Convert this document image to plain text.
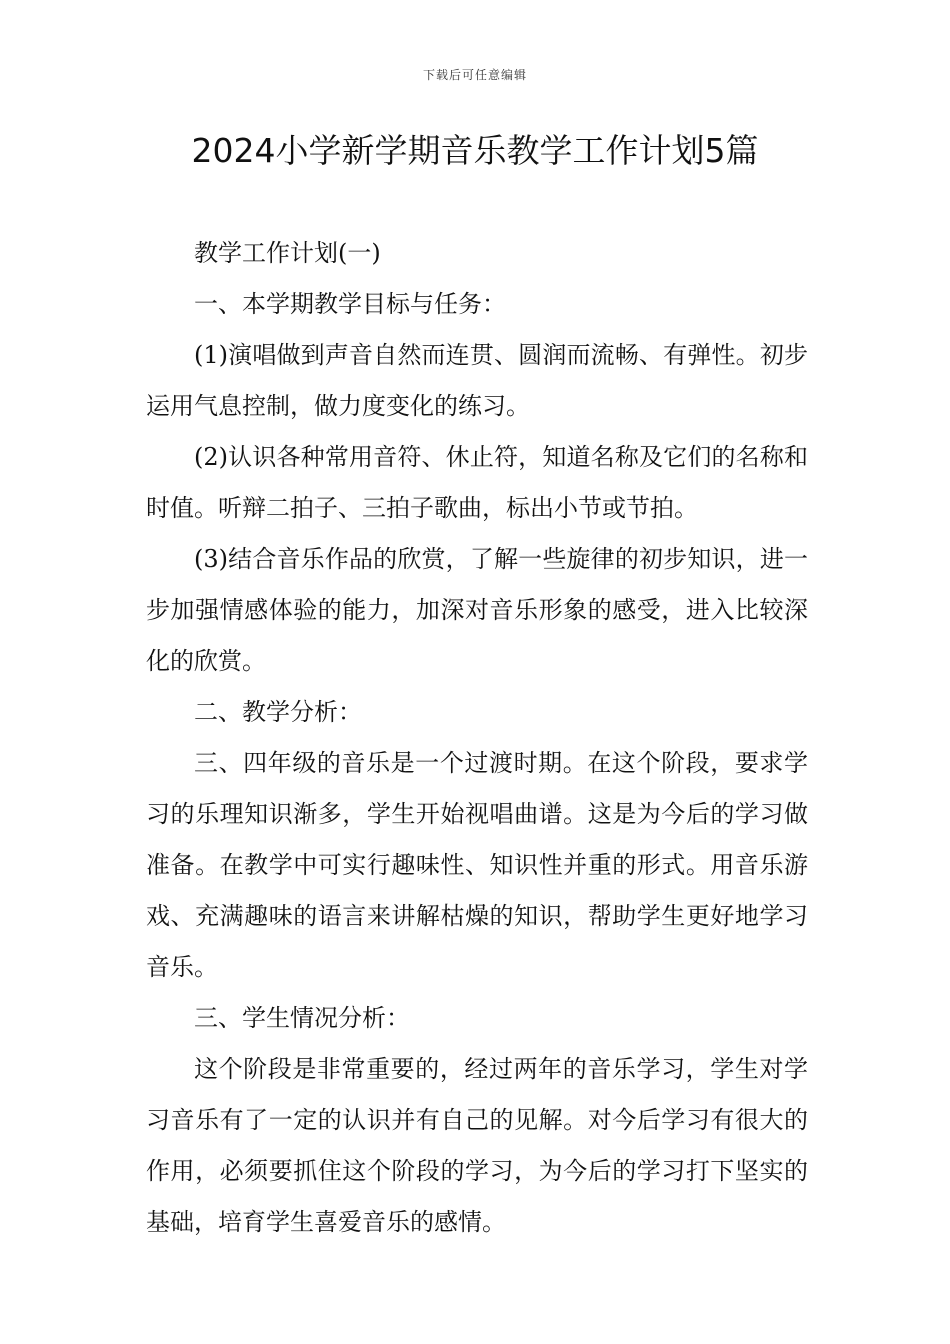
下载后可任意编辑
2024小学新学期音乐教学工作计划5篇

教学工作计划(一)

一、本学期教学目标与任务：

(1)演唱做到声音自然而连贯、圆润而流畅、有弹性。初步运用气息控制，做力度变化的练习。

(2)认识各种常用音符、休止符，知道名称及它们的名称和时值。听辩二拍子、三拍子歌曲，标出小节或节拍。

(3)结合音乐作品的欣赏，了解一些旋律的初步知识，进一步加强情感体验的能力，加深对音乐形象的感受，进入比较深化的欣赏。

二、教学分析：

三、四年级的音乐是一个过渡时期。在这个阶段，要求学习的乐理知识渐多，学生开始视唱曲谱。这是为今后的学习做准备。在教学中可实行趣味性、知识性并重的形式。用音乐游戏、充满趣味的语言来讲解枯燥的知识，帮助学生更好地学习音乐。

三、学生情况分析：

这个阶段是非常重要的，经过两年的音乐学习，学生对学习音乐有了一定的认识并有自己的见解。对今后学习有很大的作用，必须要抓住这个阶段的学习，为今后的学习打下坚实的基础，培育学生喜爱音乐的感情。
